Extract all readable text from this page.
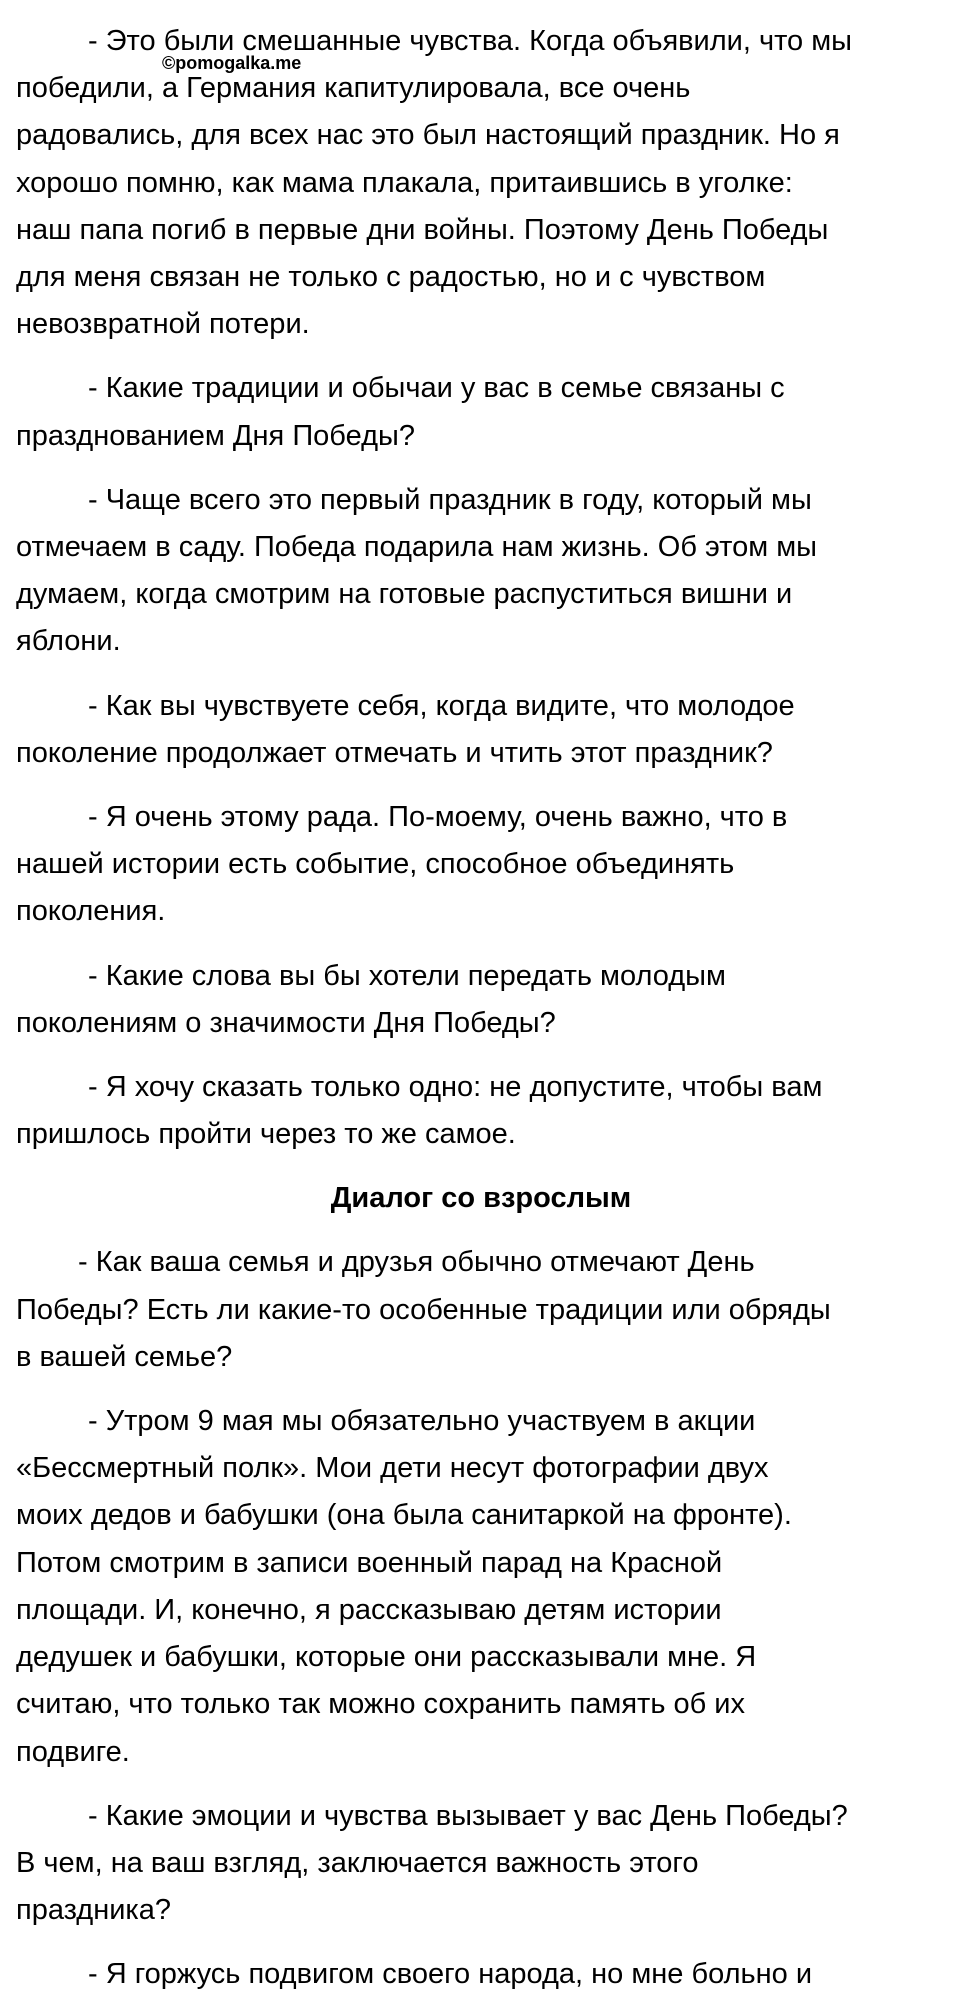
- Это были смешанные чувства. Когда объявили, что мы
победили, а Германия капитулировала, все очень
радовались, для всех нас это был настоящий праздник. Но я
хорошо помню, как мама плакала, притаившись в уголке:
наш папа погиб в первые дни войны. Поэтому День Победы
для меня связан не только с радостью, но и с чувством
невозвратной потери.

- Какие традиции и обычаи у вас в семье связаны с
празднованием Дня Победы?

- Чаще всего это первый праздник в году, который мы
отмечаем в саду. Победа подарила нам жизнь. Об этом мы
думаем, когда смотрим на готовые распуститься вишни и
яблони.

- Как вы чувствуете себя, когда видите, что молодое
поколение продолжает отмечать и чтить этот праздник?

- Я очень этому рада. По-моему, очень важно, что в
нашей истории есть событие, способное объединять
поколения.

- Какие слова вы бы хотели передать молодым
поколениям о значимости Дня Победы?

- Я хочу сказать только одно: не допустите, чтобы вам
пришлось пройти через то же самое.

Диалог со взрослым

- Как ваша семья и друзья обычно отмечают День
Победы? Есть ли какие-то особенные традиции или обряды
в вашей семье?

- Утром 9 мая мы обязательно участвуем в акции
«Бессмертный полк». Мои дети несут фотографии двух
моих дедов и бабушки (она была санитаркой на фронте).
Потом смотрим в записи военный парад на Красной
площади. И, конечно, я рассказываю детям истории
дедушек и бабушки, которые они рассказывали мне. Я
считаю, что только так можно сохранить память об их
подвиге.

- Какие эмоции и чувства вызывает у вас День Победы?
В чем, на ваш взгляд, заключается важность этого
праздника?

- Я горжусь подвигом своего народа, но мне больно и

©pomogalka.me
